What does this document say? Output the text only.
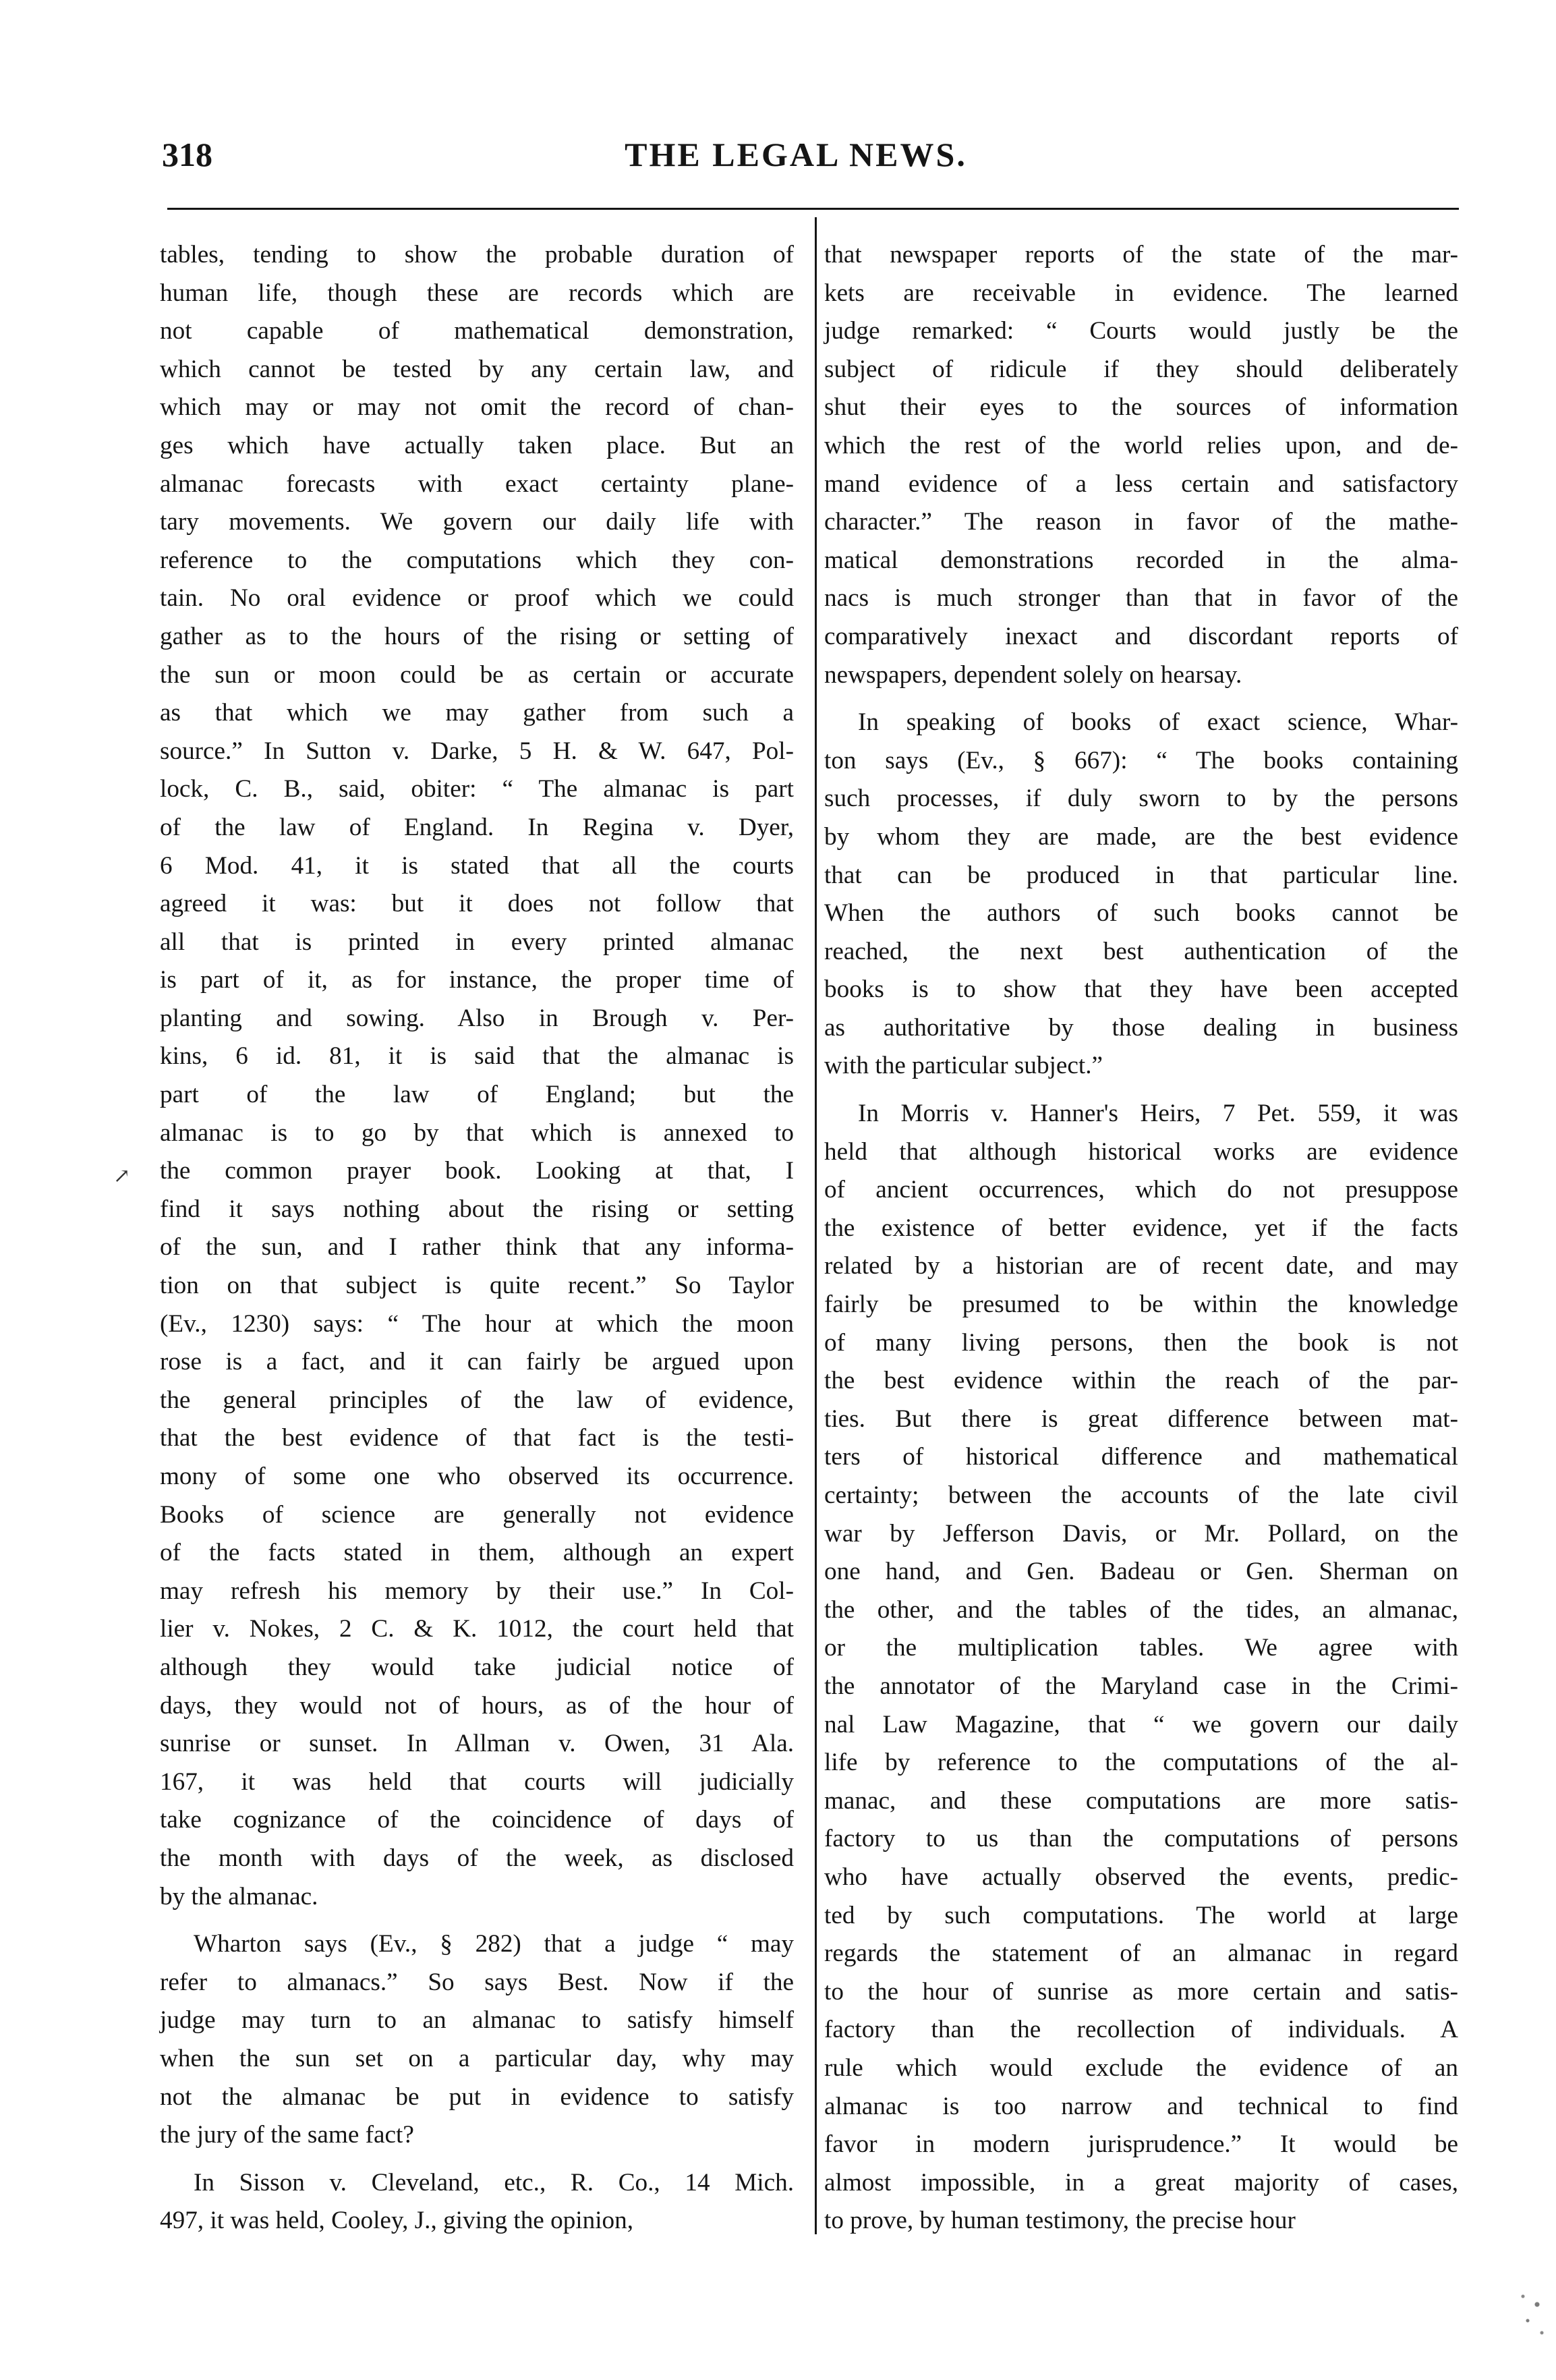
318	THE LEGAL NEWS.
↗
tables, tending to show the probable duration of
human life, though these are records which are
not capable of mathematical demonstration,
which cannot be tested by any certain law, and
which may or may not omit the record of chan-
ges which have actually taken place. But an
almanac forecasts with exact certainty plane-
tary movements. We govern our daily life with
reference to the computations which they con-
tain. No oral evidence or proof which we could
gather as to the hours of the rising or setting of
the sun or moon could be as certain or accurate
as that which we may gather from such a
source.” In Sutton v. Darke, 5 H. & W. 647, Pol-
lock, C. B., said, obiter: “ The almanac is part
of the law of England. In Regina v. Dyer,
6 Mod. 41, it is stated that all the courts
agreed it was: but it does not follow that
all that is printed in every printed almanac
is part of it, as for instance, the proper time of
planting and sowing. Also in Brough v. Per-
kins, 6 id. 81, it is said that the almanac is
part of the law of England; but the
almanac is to go by that which is annexed to
the common prayer book. Looking at that, I
find it says nothing about the rising or setting
of the sun, and I rather think that any informa-
tion on that subject is quite recent.” So Taylor
(Ev., 1230) says: “ The hour at which the moon
rose is a fact, and it can fairly be argued upon
the general principles of the law of evidence,
that the best evidence of that fact is the testi-
mony of some one who observed its occurrence.
Books of science are generally not evidence
of the facts stated in them, although an expert
may refresh his memory by their use.” In Col-
lier v. Nokes, 2 C. & K. 1012, the court held that
although they would take judicial notice of
days, they would not of hours, as of the hour of
sunrise or sunset. In Allman v. Owen, 31 Ala.
167, it was held that courts will judicially
take cognizance of the coincidence of days of
the month with days of the week, as disclosed
by the almanac.
Wharton says (Ev., § 282) that a judge “ may
refer to almanacs.” So says Best. Now if the
judge may turn to an almanac to satisfy himself
when the sun set on a particular day, why may
not the almanac be put in evidence to satisfy
the jury of the same fact?
In Sisson v. Cleveland, etc., R. Co., 14 Mich.
497, it was held, Cooley, J., giving the opinion,
that newspaper reports of the state of the mar-
kets are receivable in evidence. The learned
judge remarked: “ Courts would justly be the
subject of ridicule if they should deliberately
shut their eyes to the sources of information
which the rest of the world relies upon, and de-
mand evidence of a less certain and satisfactory
character.” The reason in favor of the mathe-
matical demonstrations recorded in the alma-
nacs is much stronger than that in favor of the
comparatively inexact and discordant reports of
newspapers, dependent solely on hearsay.
In speaking of books of exact science, Whar-
ton says (Ev., § 667): “ The books containing
such processes, if duly sworn to by the persons
by whom they are made, are the best evidence
that can be produced in that particular line.
When the authors of such books cannot be
reached, the next best authentication of the
books is to show that they have been accepted
as authoritative by those dealing in business
with the particular subject.”
In Morris v. Hanner's Heirs, 7 Pet. 559, it was
held that although historical works are evidence
of ancient occurrences, which do not presuppose
the existence of better evidence, yet if the facts
related by a historian are of recent date, and may
fairly be presumed to be within the knowledge
of many living persons, then the book is not
the best evidence within the reach of the par-
ties. But there is great difference between mat-
ters of historical difference and mathematical
certainty; between the accounts of the late civil
war by Jefferson Davis, or Mr. Pollard, on the
one hand, and Gen. Badeau or Gen. Sherman on
the other, and the tables of the tides, an almanac,
or the multiplication tables. We agree with
the annotator of the Maryland case in the Crimi-
nal Law Magazine, that “ we govern our daily
life by reference to the computations of the al-
manac, and these computations are more satis-
factory to us than the computations of persons
who have actually observed the events, predic-
ted by such computations. The world at large
regards the statement of an almanac in regard
to the hour of sunrise as more certain and satis-
factory than the recollection of individuals. A
rule which would exclude the evidence of an
almanac is too narrow and technical to find
favor in modern jurisprudence.” It would be
almost impossible, in a great majority of cases,
to prove, by human testimony, the precise hour
